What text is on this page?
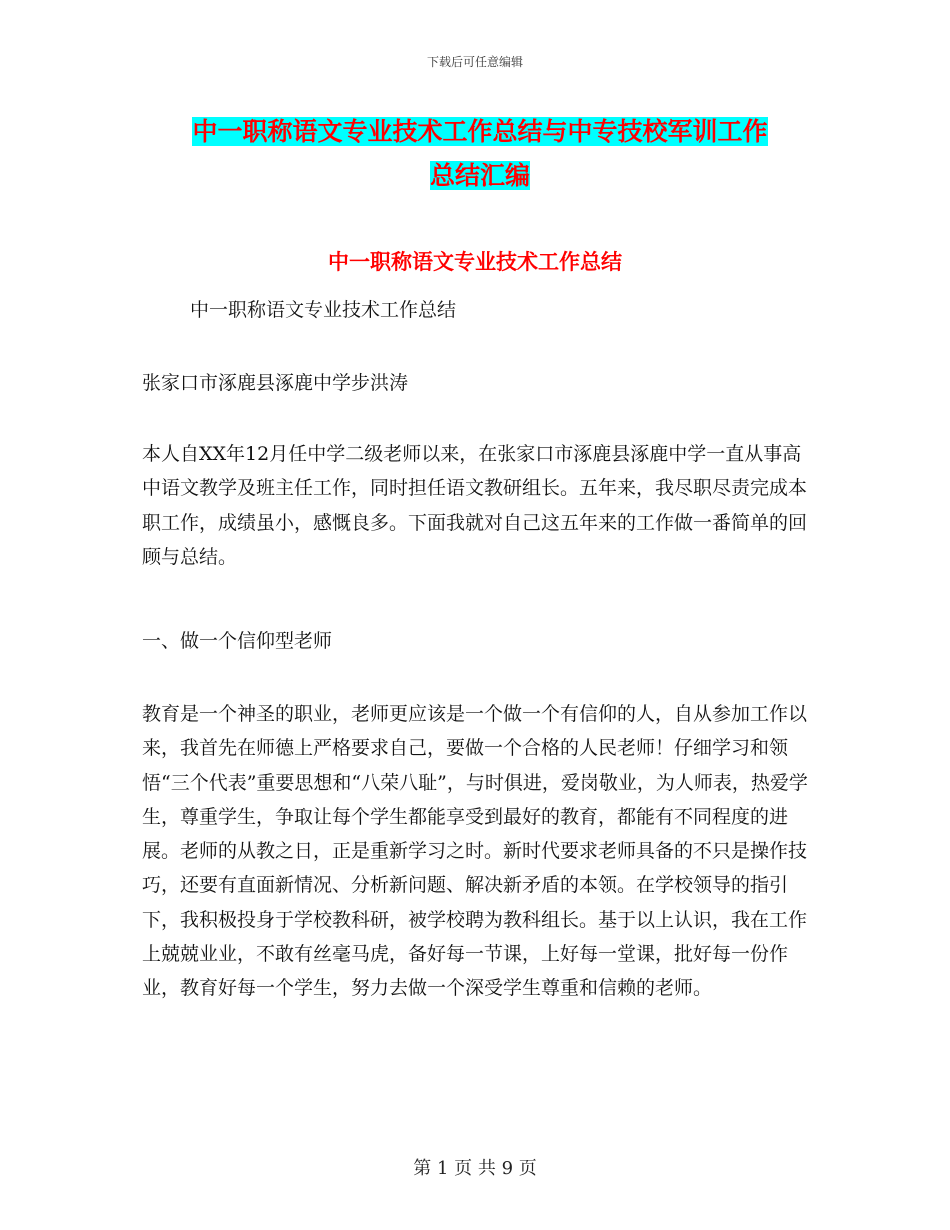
下载后可任意编辑
中一职称语文专业技术工作总结与中专技校军训工作
总结汇编
中一职称语文专业技术工作总结

中一职称语文专业技术工作总结

张家口市涿鹿县涿鹿中学步洪涛

本人自XX年12月任中学二级老师以来，在张家口市涿鹿县涿鹿中学一直从事高中语文教学及班主任工作，同时担任语文教研组长。五年来，我尽职尽责完成本职工作，成绩虽小，感慨良多。下面我就对自己这五年来的工作做一番简单的回顾与总结。

一、做一个信仰型老师

教育是一个神圣的职业，老师更应该是一个做一个有信仰的人，自从参加工作以来，我首先在师德上严格要求自己，要做一个合格的人民老师！仔细学习和领悟“三个代表”重要思想和“八荣八耻”，与时俱进，爱岗敬业，为人师表，热爱学生，尊重学生，争取让每个学生都能享受到最好的教育，都能有不同程度的进展。老师的从教之日，正是重新学习之时。新时代要求老师具备的不只是操作技巧，还要有直面新情况、分析新问题、解决新矛盾的本领。在学校领导的指引下，我积极投身于学校教科研，被学校聘为教科组长。基于以上认识，我在工作上兢兢业业，不敢有丝毫马虎，备好每一节课，上好每一堂课，批好每一份作业，教育好每一个学生，努力去做一个深受学生尊重和信赖的老师。

第 1 页 共 9 页
